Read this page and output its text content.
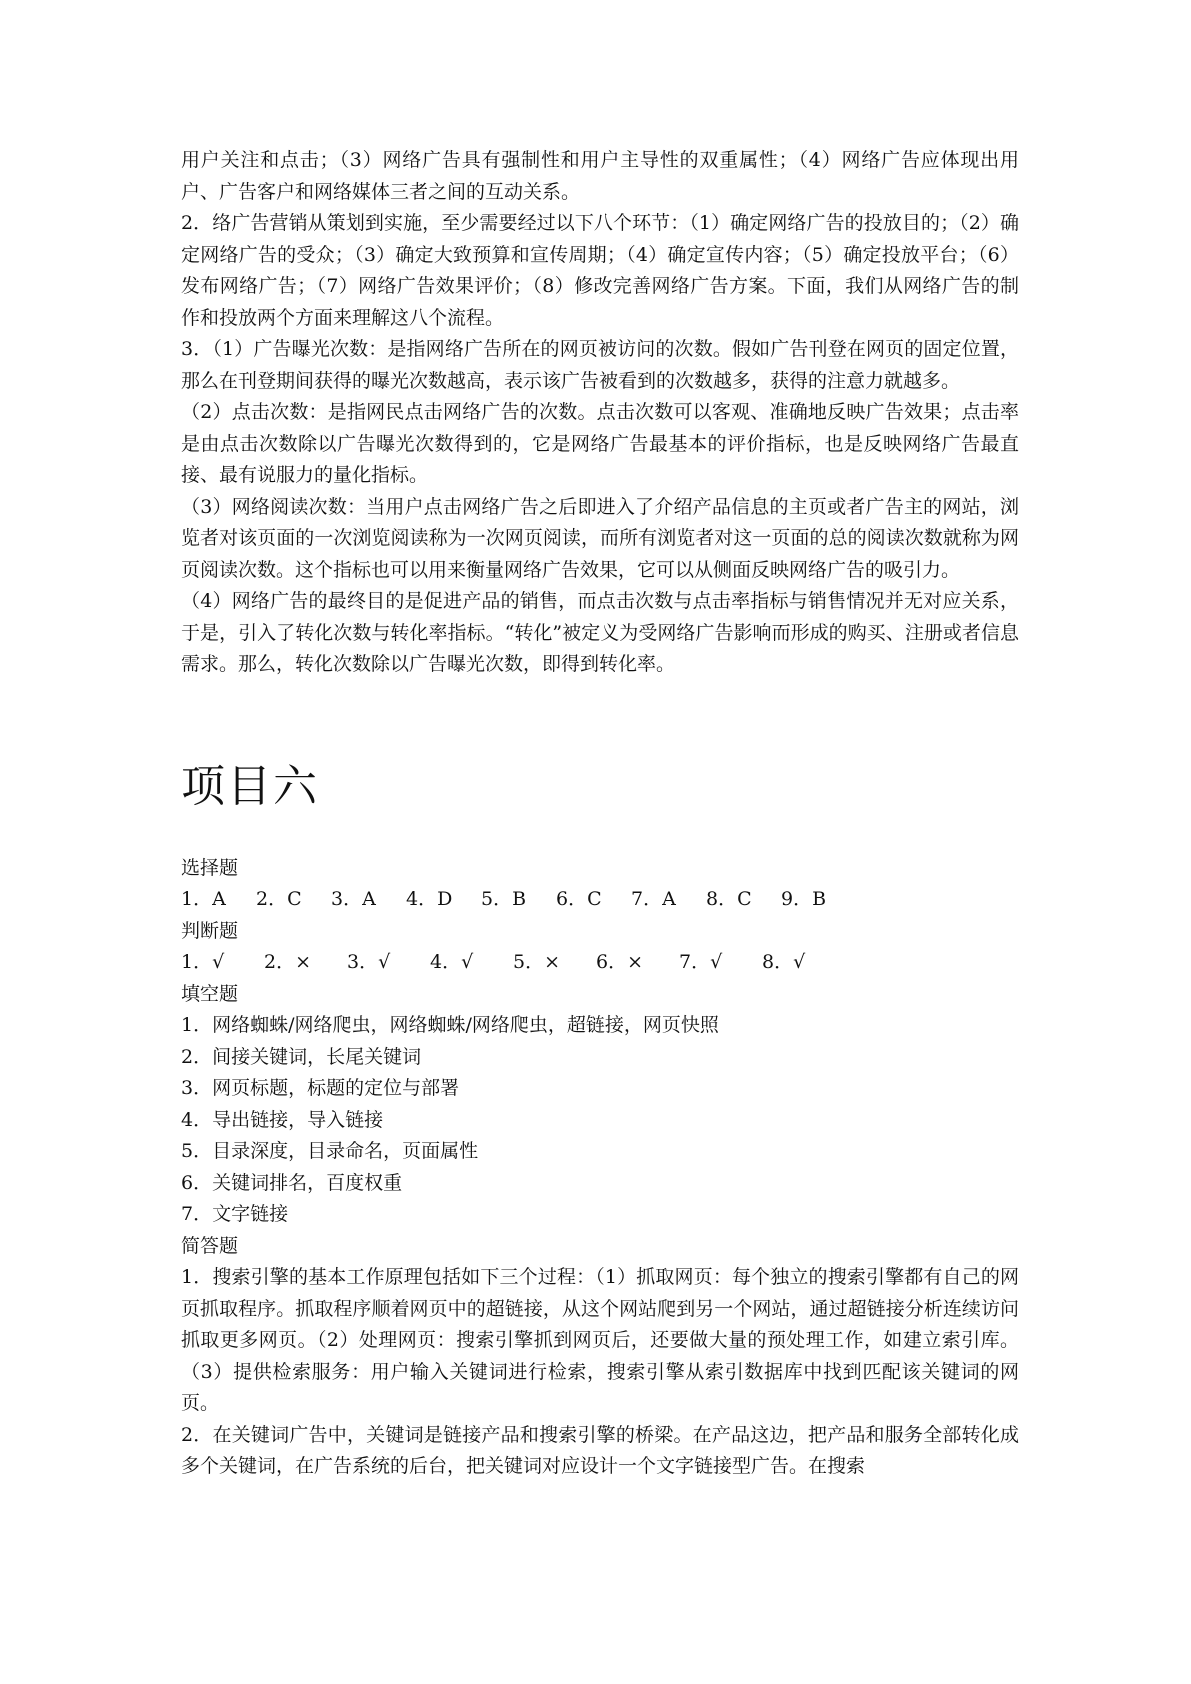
用户关注和点击；（3）网络广告具有强制性和用户主导性的双重属性；（4）网络广告应体现出用户、广告客户和网络媒体三者之间的互动关系。

2．络广告营销从策划到实施，至少需要经过以下八个环节：（1）确定网络广告的投放目的；（2）确定网络广告的受众；（3）确定大致预算和宣传周期；（4）确定宣传内容；（5）确定投放平台；（6）发布网络广告；（7）网络广告效果评价；（8）修改完善网络广告方案。下面，我们从网络广告的制作和投放两个方面来理解这八个流程。

3．（1）广告曝光次数：是指网络广告所在的网页被访问的次数。假如广告刊登在网页的固定位置，那么在刊登期间获得的曝光次数越高，表示该广告被看到的次数越多，获得的注意力就越多。

（2）点击次数：是指网民点击网络广告的次数。点击次数可以客观、准确地反映广告效果；点击率是由点击次数除以广告曝光次数得到的，它是网络广告最基本的评价指标，也是反映网络广告最直接、最有说服力的量化指标。

（3）网络阅读次数：当用户点击网络广告之后即进入了介绍产品信息的主页或者广告主的网站，浏览者对该页面的一次浏览阅读称为一次网页阅读，而所有浏览者对这一页面的总的阅读次数就称为网页阅读次数。这个指标也可以用来衡量网络广告效果，它可以从侧面反映网络广告的吸引力。

（4）网络广告的最终目的是促进产品的销售，而点击次数与点击率指标与销售情况并无对应关系，于是，引入了转化次数与转化率指标。“转化”被定义为受网络广告影响而形成的购买、注册或者信息需求。那么，转化次数除以广告曝光次数，即得到转化率。

项目六

选择题

1．A	2．C	3．A	4．D	5．B	6．C	7．A	8．C	9．B

判断题

1．√	2．×	3．√	4．√	5．×	6．×	7．√	8．√

填空题

1．网络蜘蛛/网络爬虫，网络蜘蛛/网络爬虫，超链接，网页快照

2．间接关键词，长尾关键词

3．网页标题，标题的定位与部署

4．导出链接，导入链接

5．目录深度，目录命名，页面属性

6．关键词排名，百度权重

7．文字链接

简答题

1．搜索引擎的基本工作原理包括如下三个过程：（1）抓取网页：每个独立的搜索引擎都有自己的网页抓取程序。抓取程序顺着网页中的超链接，从这个网站爬到另一个网站，通过超链接分析连续访问抓取更多网页。（2）处理网页：搜索引擎抓到网页后，还要做大量的预处理工作，如建立索引库。（3）提供检索服务：用户输入关键词进行检索，搜索引擎从索引数据库中找到匹配该关键词的网页。

2．在关键词广告中，关键词是链接产品和搜索引擎的桥梁。在产品这边，把产品和服务全部转化成多个关键词，在广告系统的后台，把关键词对应设计一个文字链接型广告。在搜索
